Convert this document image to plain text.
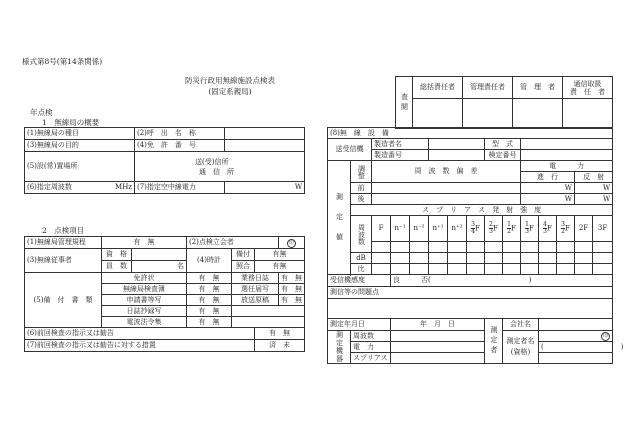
様式第8号(第14条関係)
防災行政用無線施設点検表
(固定系親局)
年点検
1　無線局の概要
2　点検項目
査閲	総括責任者	管理責任者	管　理　者	通信取扱
責　任　者

(1)無線局の種目	(2)呼　出　名　称	
(3)無線局の目的	(4)免　許　番　号	
(5)設(常)置場所	送(受)信所
通　信　所	

(6)指定周波数 MHz	(7)指定空中線電力	W
(1)無線局管理規程	有　無		(2)点検立会者			印
(3)無線従事者	資　格		(4)時計	備付	有無	
	員　数	名		照合	有無	
(5)備　付　書　類	免許状		有　無	業務日誌		有　無
	無線局検査簿		有　無	選任届写		有　無
	申請書等写		有　無	放送原稿		有　無
	日誌抄録写		有　無			
	電波法令集		有　無			
(6)前回検査の指示又は勧告					有　無	
(7)前回検査の指示又は勧告に対する措置					済　未	
(8)無　線　設　備														
送受信機		製造者名						型　式						
		製造番号						検定番号						
測　定　値	調整	周　波　数　偏　差								電　　　力				
										進　行			反　射	
	前									W			W	
	後									W			W	
	ス　プ　リ　ア　ス　発　射　強　度													
	周波数	F	n⁻¹	n⁻²	n⁺¹	n⁺²	$\frac{3}{4}$ F	$\frac{2}{3}$ F	$\frac{1}{2}$ F	$\frac{1}{3}$ F	$\frac{4}{3}$ F	$\frac{3}{2}$ F	2F	3F

	dB													
	比													

受信機感度			良　　　否(　　　　　　　　　　　　　　)											
測信等の問題点														

測定年月日			年　月　日					測定者	会社名					
測定機器	周波数								測定者名
(資格)		印			
	電　力										(　　　　　　　　　　　)			
	スプリアス													
